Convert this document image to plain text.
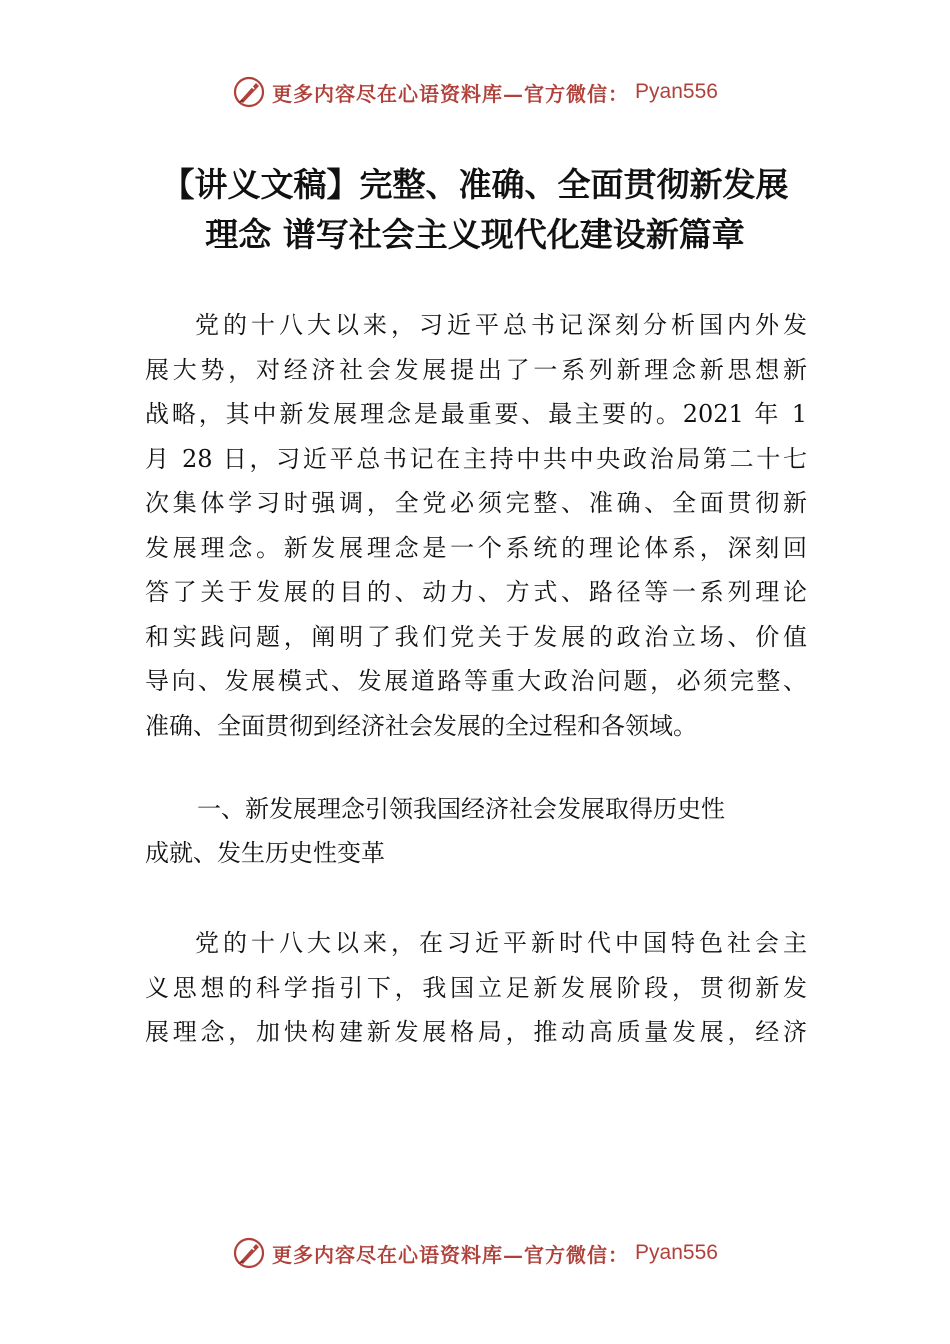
更多内容尽在心语资料库—官方微信： Pyan556
【讲义文稿】完整、准确、全面贯彻新发展
理念 谱写社会主义现代化建设新篇章
党的十八大以来，习近平总书记深刻分析国内外发
展大势，对经济社会发展提出了一系列新理念新思想新
战略，其中新发展理念是最重要、最主要的。2021 年 1
月 28 日，习近平总书记在主持中共中央政治局第二十七
次集体学习时强调，全党必须完整、准确、全面贯彻新
发展理念。新发展理念是一个系统的理论体系，深刻回
答了关于发展的目的、动力、方式、路径等一系列理论
和实践问题，阐明了我们党关于发展的政治立场、价值
导向、发展模式、发展道路等重大政治问题，必须完整、
准确、全面贯彻到经济社会发展的全过程和各领域。
一、新发展理念引领我国经济社会发展取得历史性
成就、发生历史性变革
党的十八大以来，在习近平新时代中国特色社会主
义思想的科学指引下，我国立足新发展阶段，贯彻新发
展理念，加快构建新发展格局，推动高质量发展，经济
更多内容尽在心语资料库—官方微信： Pyan556
